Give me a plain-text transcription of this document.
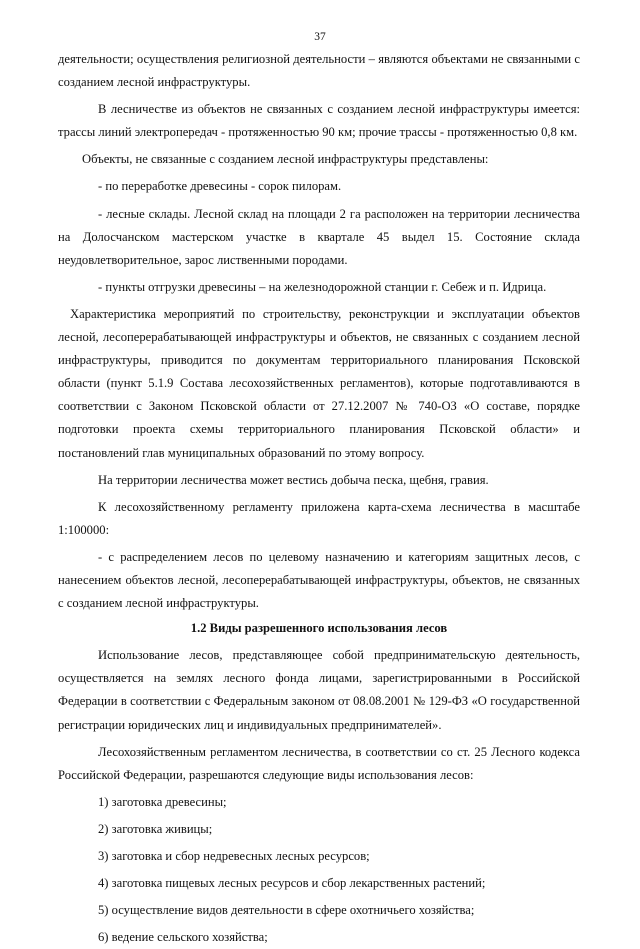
37

деятельности; осуществления религиозной деятельности – являются объектами не связанными с созданием лесной инфраструктуры.

В лесничестве из объектов не связанных с созданием лесной инфраструктуры имеется: трассы линий электропередач - протяженностью 90 км; прочие трассы - протяженностью 0,8 км.

Объекты, не связанные с созданием лесной инфраструктуры представлены:

- по переработке древесины - сорок пилорам.

- лесные склады. Лесной склад на площади 2 га расположен на территории лесничества на Долосчанском мастерском участке в квартале 45 выдел 15. Состояние склада неудовлетворительное, зарос лиственными породами.

- пункты отгрузки древесины – на железнодорожной станции г. Себеж и п. Идрица.

Характеристика мероприятий по строительству, реконструкции и эксплуатации объектов лесной, лесоперерабатывающей инфраструктуры и объектов, не связанных с созданием лесной инфраструктуры, приводится по документам территориального планирования Псковской области (пункт 5.1.9 Состава лесохозяйственных регламентов), которые подготавливаются в соответствии с Законом Псковской области от 27.12.2007 № 740-ОЗ «О составе, порядке подготовки проекта схемы территориального планирования Псковской области» и постановлений глав муниципальных образований по этому вопросу.

На территории лесничества может вестись добыча песка, щебня, гравия.

К лесохозяйственному регламенту приложена карта-схема лесничества в масштабе 1:100000:

- с распределением лесов по целевому назначению и категориям защитных лесов, с нанесением объектов лесной, лесоперерабатывающей инфраструктуры, объектов, не связанных с созданием лесной инфраструктуры.

1.2 Виды разрешенного использования лесов

Использование лесов, представляющее собой предпринимательскую деятельность, осуществляется на землях лесного фонда лицами, зарегистрированными в Российской Федерации в соответствии с Федеральным законом от 08.08.2001 № 129-ФЗ «О государственной регистрации юридических лиц и индивидуальных предпринимателей».

Лесохозяйственным регламентом лесничества, в соответствии со ст. 25 Лесного кодекса Российской Федерации, разрешаются следующие виды использования лесов:

1) заготовка древесины;

2) заготовка живицы;

3) заготовка и сбор недревесных лесных ресурсов;

4) заготовка пищевых лесных ресурсов и сбор лекарственных растений;

5) осуществление видов деятельности в сфере охотничьего хозяйства;

6) ведение сельского хозяйства;
